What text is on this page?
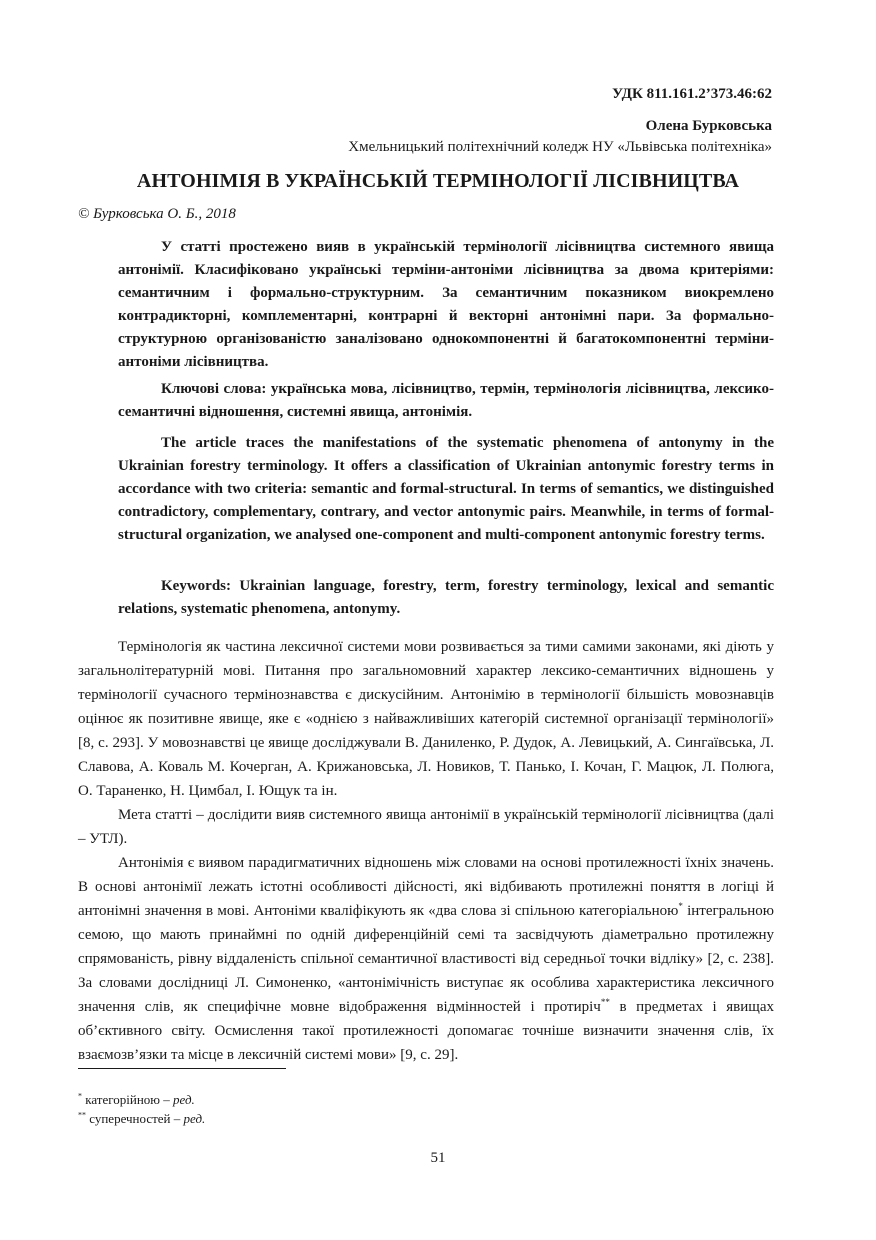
УДК 811.161.2’373.46:62
Олена Бурковська
Хмельницький політехнічний коледж НУ «Львівська політехніка»
АНТОНІМІЯ В УКРАЇНСЬКІЙ ТЕРМІНОЛОГІЇ ЛІСІВНИЦТВА
© Бурковська О. Б., 2018

У статті простежено вияв в українській термінології лісівництва системного явища антонімії. Класифіковано українські терміни-антоніми лісівництва за двома критеріями: семантичним і формально-структурним. За семантичним показником виокремлено контрадикторні, комплементарні, контрарні й векторні антонімні пари. За формально-структурною організованістю заналізовано однокомпонентні й багатокомпонентні терміни-антоніми лісівництва.

Ключові слова: українська мова, лісівництво, термін, термінологія лісівництва, лексико-семантичні відношення, системні явища, антонімія.

The article traces the manifestations of the systematic phenomena of antonymy in the Ukrainian forestry terminology. It offers a classification of Ukrainian antonymic forestry terms in accordance with two criteria: semantic and formal-structural. In terms of semantics, we distinguished contradictory, complementary, contrary, and vector antonymic pairs. Meanwhile, in terms of formal-structural organization, we analysed one-component and multi-component antonymic forestry terms.

Keywords: Ukrainian language, forestry, term, forestry terminology, lexical and semantic relations, systematic phenomena, antonymy.

Термінологія як частина лексичної системи мови розвивається за тими самими законами, які діють у загальнолітературній мові. Питання про загальномовний характер лексико-семантичних відношень у термінології сучасного термінознавства є дискусійним. Антонімію в термінології більшість мовознавців оцінює як позитивне явище, яке є «однією з найважливіших категорій системної організації термінології» [8, с. 293]. У мовознавстві це явище досліджували В. Даниленко, Р. Дудок, А. Левицький, А. Сингаївська, Л. Славова, А. Коваль М. Кочерган, А. Крижановська, Л. Новиков, Т. Панько, І. Кочан, Г. Мацюк, Л. Полюга, О. Тараненко, Н. Цимбал, І. Ющук та ін.

Мета статті – дослідити вияв системного явища антонімії в українській термінології лісівництва (далі – УТЛ).

Антонімія є виявом парадигматичних відношень між словами на основі протилежності їхніх значень. В основі антонімії лежать істотні особливості дійсності, які відбивають протилежні поняття в логіці й антонімні значення в мові. Антоніми кваліфікують як «два слова зі спільною категоріальною* інтегральною семою, що мають принаймні по одній диференційній семі та засвідчують діаметрально протилежну спрямованість, рівну віддаленість спільної семантичної властивості від середньої точки відліку» [2, с. 238]. За словами дослідниці Л. Симоненко, «антонімічність виступає як особлива характеристика лексичного значення слів, як специфічне мовне відображення відмінностей і протиріч** в предметах і явищах об’єктивного світу. Осмислення такої протилежності допомагає точніше визначити значення слів, їх взаємозв’язки та місце в лексичній системі мови» [9, с. 29].

* категорійною – ред.
** суперечностей – ред.
51
